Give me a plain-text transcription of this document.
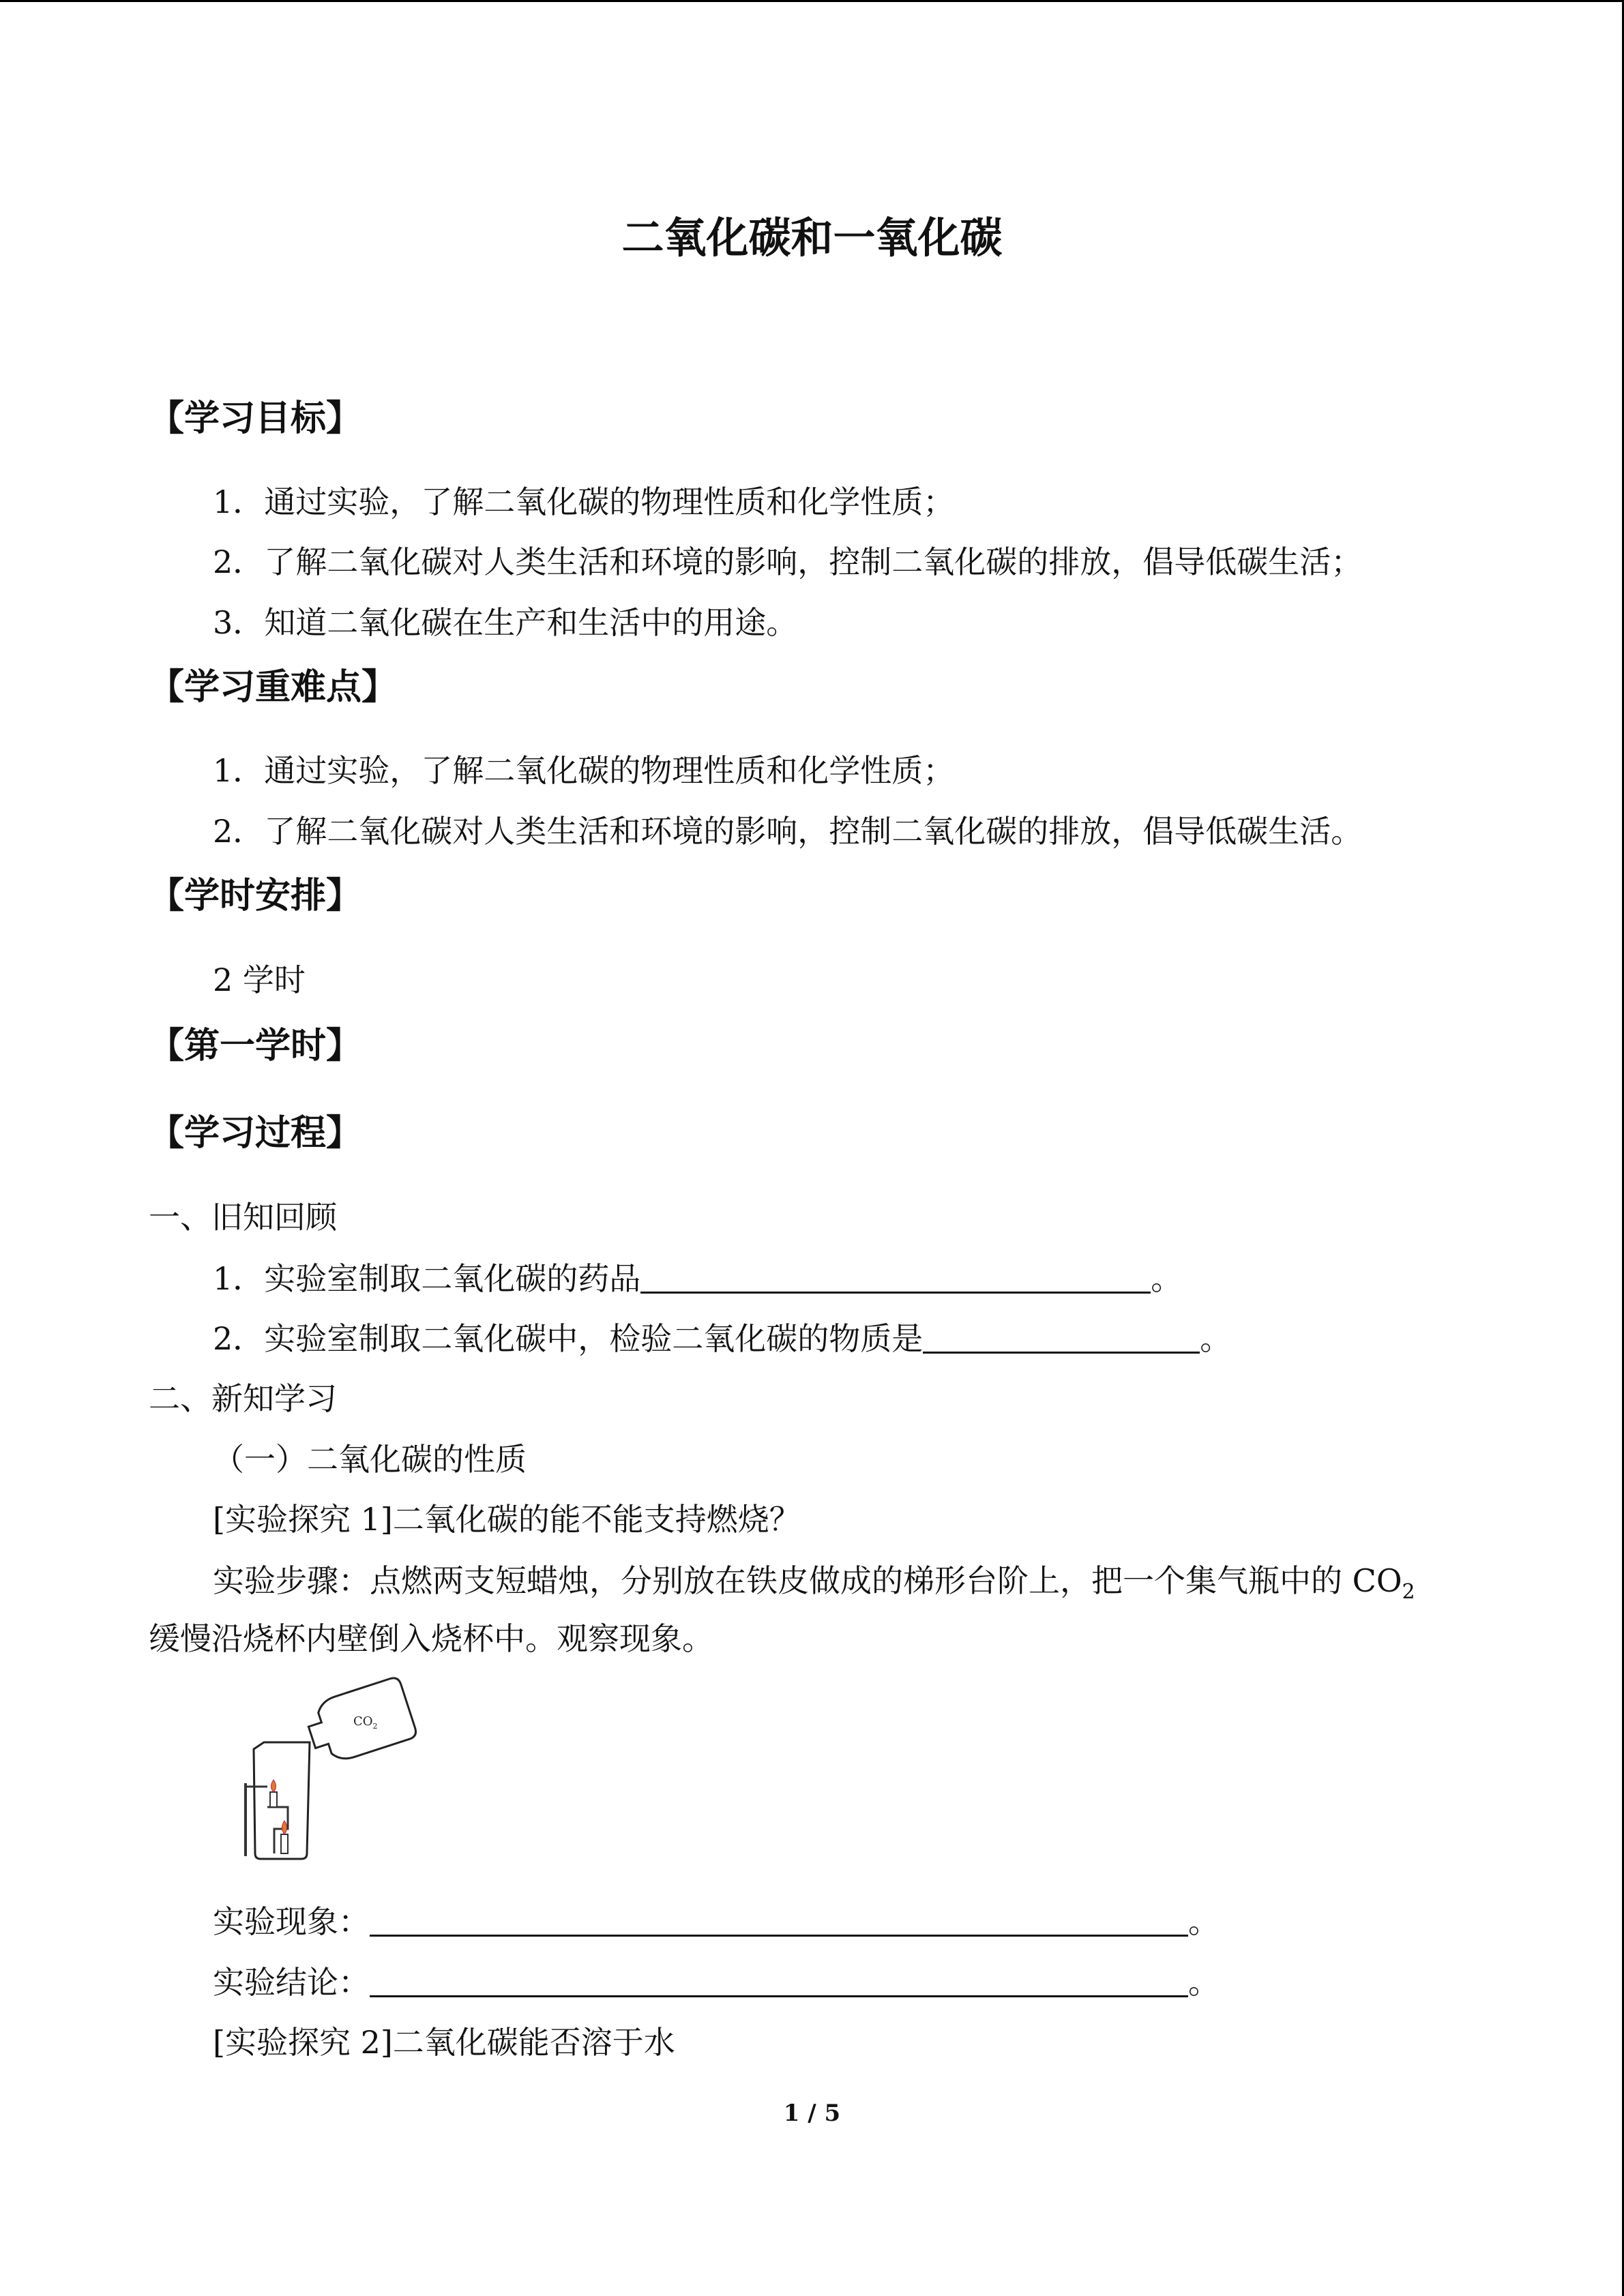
二氧化碳和一氧化碳
【学习目标】
1．通过实验，了解二氧化碳的物理性质和化学性质；
2．了解二氧化碳对人类生活和环境的影响，控制二氧化碳的排放，倡导低碳生活；
3．知道二氧化碳在生产和生活中的用途。
【学习重难点】
1．通过实验，了解二氧化碳的物理性质和化学性质；
2．了解二氧化碳对人类生活和环境的影响，控制二氧化碳的排放，倡导低碳生活。
【学时安排】
2 学时
【第一学时】
【学习过程】
一、旧知回顾
1．实验室制取二氧化碳的药品	。
2．实验室制取二氧化碳中，检验二氧化碳的物质是	。
二、新知学习
（一）二氧化碳的性质
[实验探究 1]二氧化碳的能不能支持燃烧？
实验步骤：点燃两支短蜡烛，分别放在铁皮做成的梯形台阶上，把一个集气瓶中的 $CO_2$
缓慢沿烧杯内壁倒入烧杯中。观察现象。
$CO_2$
实验现象：	。
实验结论：	。
[实验探究 2]二氧化碳能否溶于水
1 / 5
